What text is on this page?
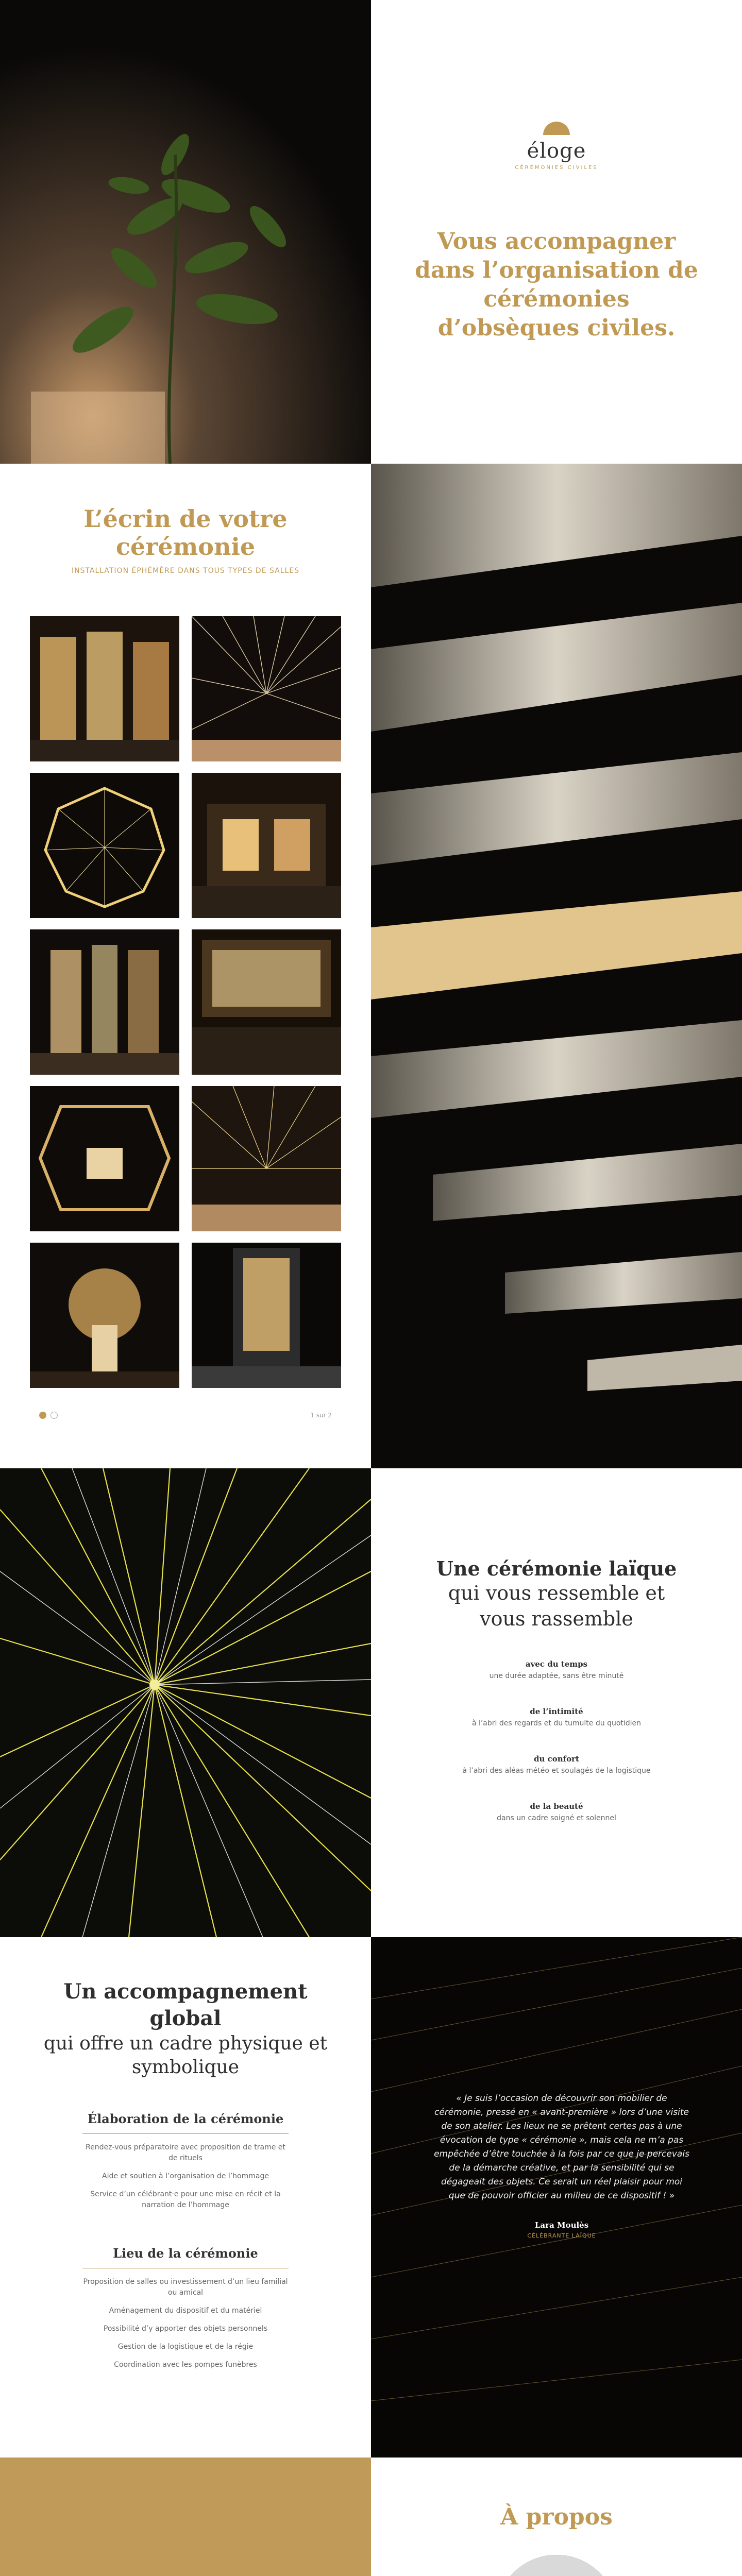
éloge
CÉRÉMONIES CIVILES
Vous accompagner dans l’organisation de cérémonies d’obsèques civiles.
L’écrin de votre cérémonie

INSTALLATION ÉPHÉMÈRE DANS TOUS TYPES DE SALLES

1 sur 2
Une cérémonie laïque

qui vous ressemble et vous rassemble

avec du temps
une durée adaptée, sans être minuté
de l’intimité
à l’abri des regards et du tumulte du quotidien
du confort
à l’abri des aléas météo et soulagés de la logistique
de la beauté
dans un cadre soigné et solennel
Un accompagnement global

qui offre un cadre physique et symbolique

Élaboration de la cérémonie

Rendez-vous préparatoire avec proposition de trame et de rituels

Aide et soutien à l’organisation de l’hommage

Service d’un célébrant·e pour une mise en récit et la narration de l’hommage

Lieu de la cérémonie

Proposition de salles ou investissement d’un lieu familial ou amical

Aménagement du dispositif et du matériel

Possibilité d’y apporter des objets personnels

Gestion de la logistique et de la régie

Coordination avec les pompes funèbres

« Je suis l’occasion de découvrir son mobilier de cérémonie, pressé en « avant-première » lors d’une visite de son atelier. Les lieux ne se prêtent certes pas à une évocation de type « cérémonie », mais cela ne m’a pas empêchée d’être touchée à la fois par ce que je percevais de la démarche créative, et par la sensibilité qui se dégageait des objets. Ce serait un réel plaisir pour moi que de pouvoir officier au milieu de ce dispositif ! »

Lara Moulès

CÉLÉBRANTE LAÏQUE

À propos
